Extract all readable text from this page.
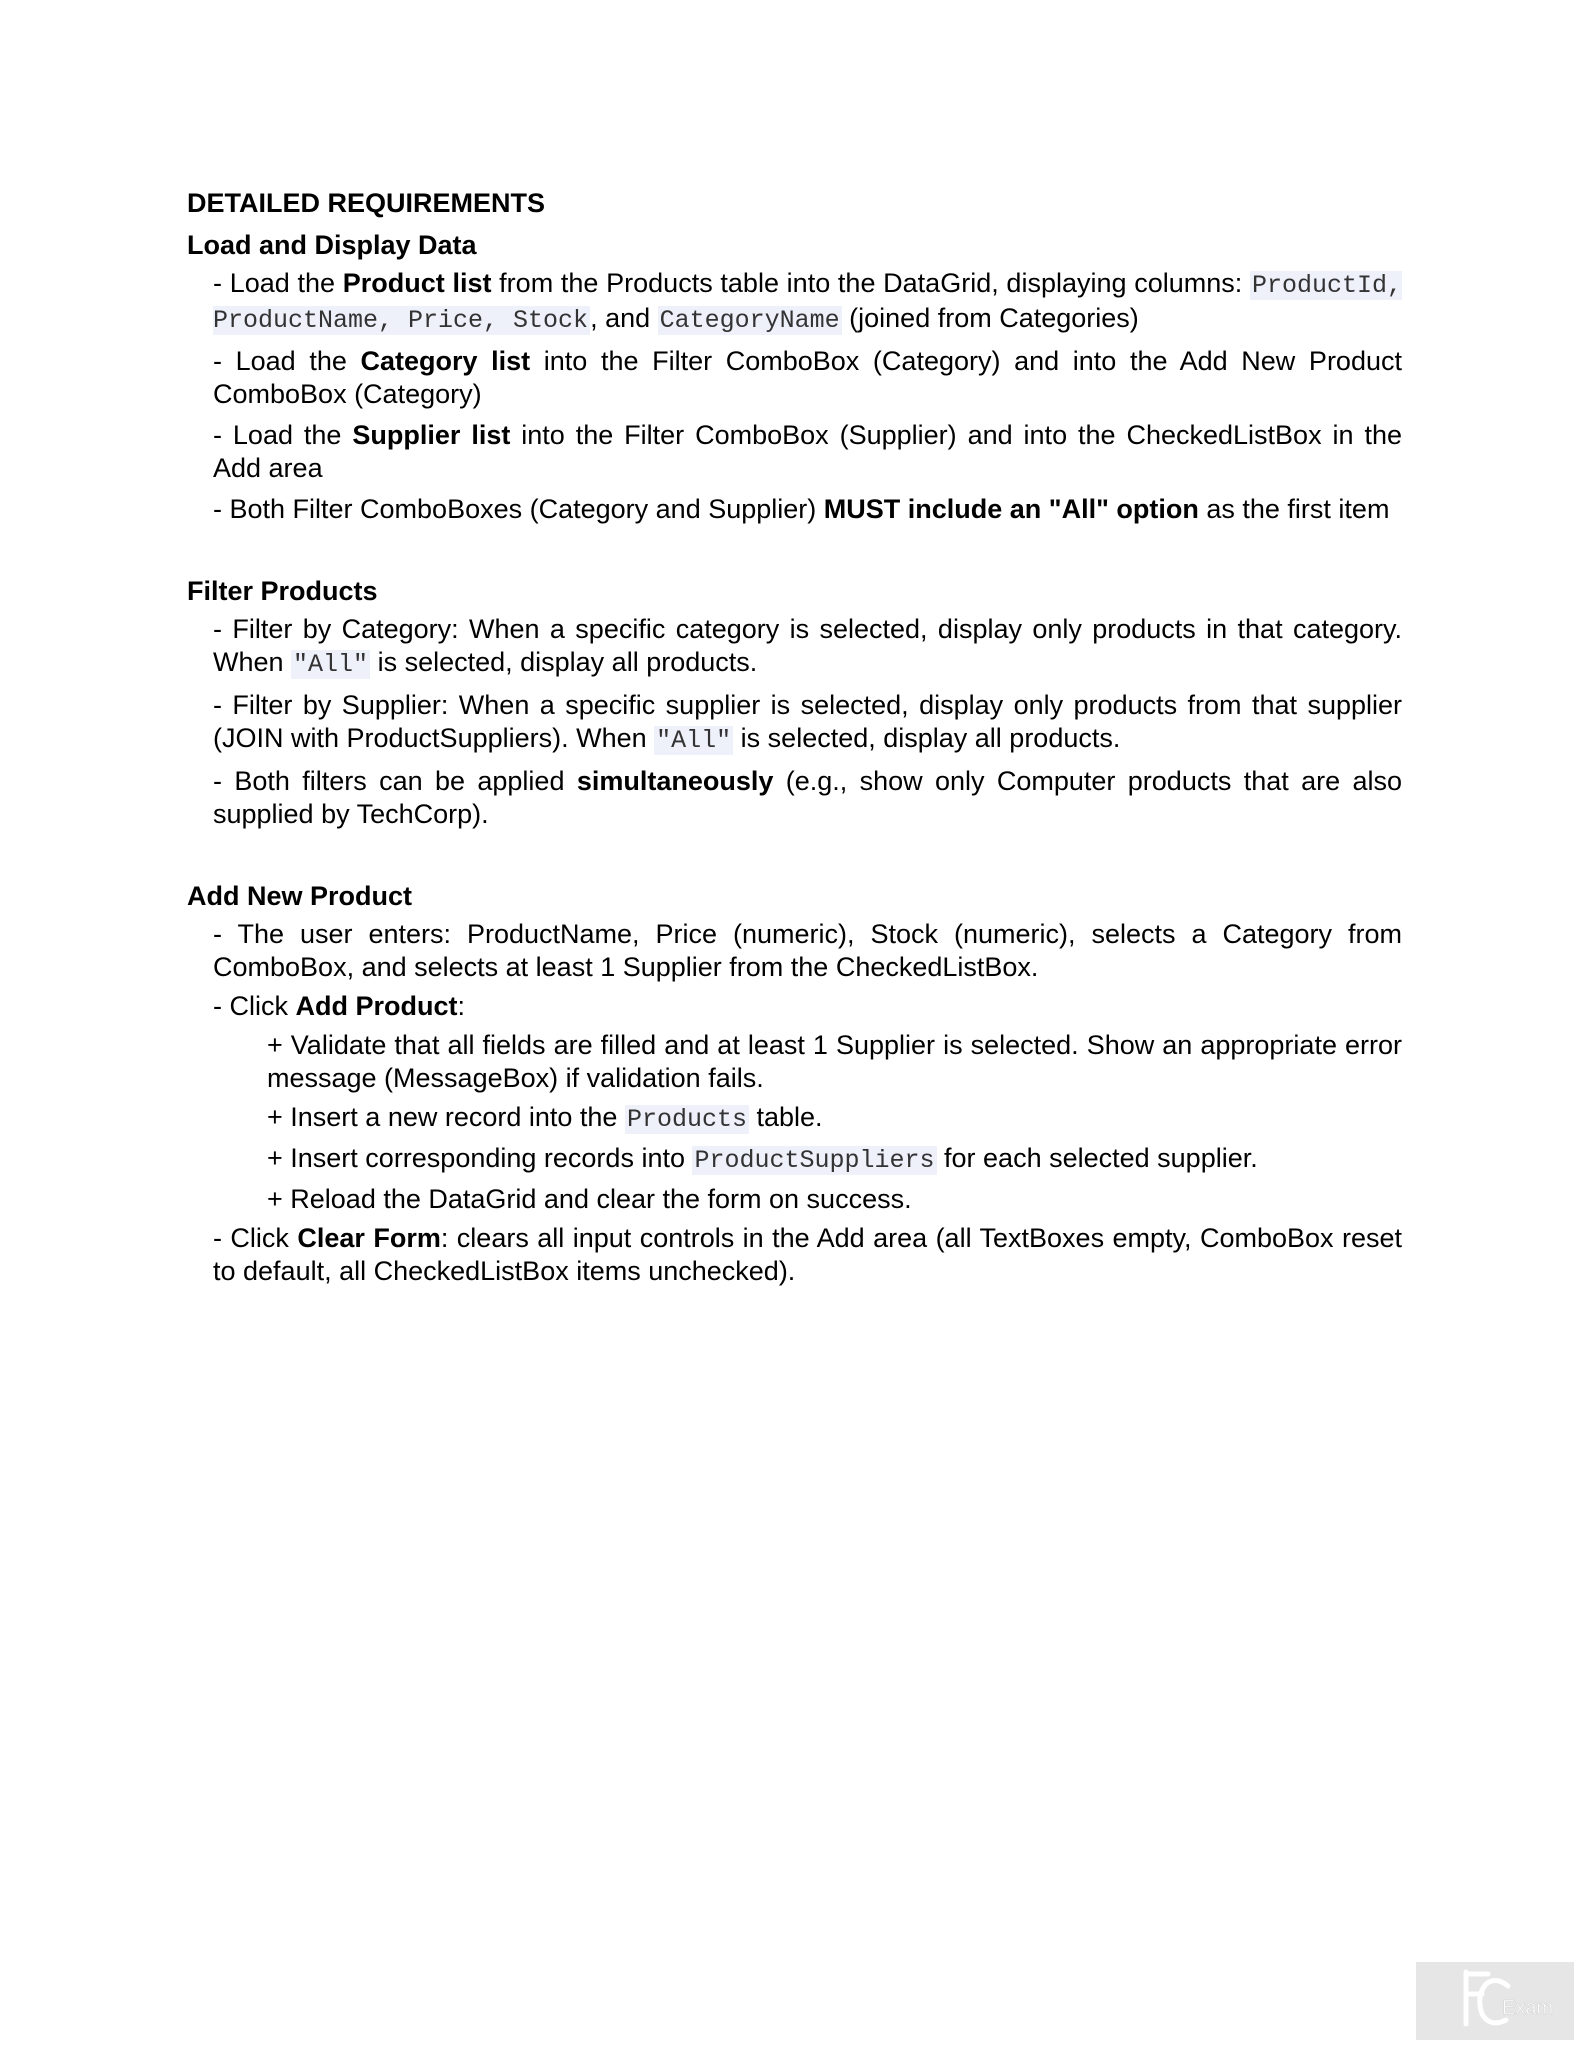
DETAILED REQUIREMENTS
Load and Display Data
- Load the Product list from the Products table into the DataGrid, displaying columns: ProductId, ProductName, Price, Stock, and CategoryName (joined from Categories)
- Load the Category list into the Filter ComboBox (Category) and into the Add New Product ComboBox (Category)
- Load the Supplier list into the Filter ComboBox (Supplier) and into the CheckedListBox in the Add area
- Both Filter ComboBoxes (Category and Supplier) MUST include an "All" option as the first item
Filter Products
- Filter by Category: When a specific category is selected, display only products in that category. When "All" is selected, display all products.
- Filter by Supplier: When a specific supplier is selected, display only products from that supplier (JOIN with ProductSuppliers). When "All" is selected, display all products.
- Both filters can be applied simultaneously (e.g., show only Computer products that are also supplied by TechCorp).
Add New Product
- The user enters: ProductName, Price (numeric), Stock (numeric), selects a Category from ComboBox, and selects at least 1 Supplier from the CheckedListBox.
- Click Add Product:
+ Validate that all fields are filled and at least 1 Supplier is selected. Show an appropriate error message (MessageBox) if validation fails.
+ Insert a new record into the Products table.
+ Insert corresponding records into ProductSuppliers for each selected supplier.
+ Reload the DataGrid and clear the form on success.
- Click Clear Form: clears all input controls in the Add area (all TextBoxes empty, ComboBox reset to default, all CheckedListBox items unchecked).
Exam
